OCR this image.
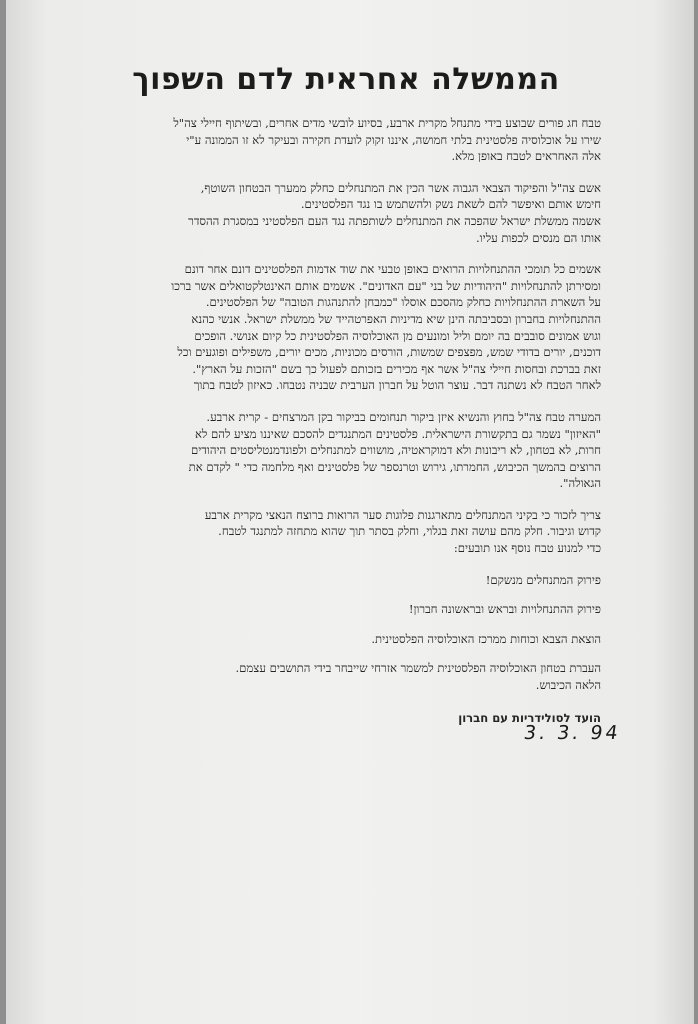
הממשלה אחראית לדם השפוך
טבח חג פורים שבוצע בידי מתנחל מקרית ארבע, בסיוע לובשי מדים אחרים, ובשיתוף חיילי צה"ל
שירו על אוכלוסיה פלסטינית בלתי חמושה, איננו זקוק לועדת חקירה ובעיקר לא זו הממונה ע"י
אלה האחראים לטבח באופן מלא.
אשם צה"ל והפיקוד הצבאי הגבוה אשר הכין את המתנחלים כחלק ממערך הבטחון השוטף,
חימש אותם ואיפשר להם לשאת נשק ולהשתמש בו נגד הפלסטינים.
אשמה ממשלת ישראל שהפכה את המתנחלים לשותפתה נגד העם הפלסטיני במסגרת ההסדר
אותו הם מנסים לכפות עליו.
אשמים כל תומכי ההתנחלויות הרואים באופן טבעי את שוד אדמות הפלסטינים דונם אחר דונם
ומסירתן להתנחלויות "היהודיות של בני "עם האדונים". אשמים אותם האינטלקטואלים אשר ברכו
על השארת ההתנחלויות כחלק מהסכם אוסלו "כמבחן להתנהגות הטובה" של הפלסטינים.
ההתנחלויות בחברון ובסביבתה הינן שיא מדיניות האפרטהייד של ממשלת ישראל. אנשי כהנא
וגוש אמונים סובבים בה יומם וליל ומונעים מן האוכלוסיה הפלסטינית כל קיום אנושי. הופכים
דוכנים, יורים בדודי שמש, מפצפים שמשות, הורסים מכוניות, מכים יורים, משפילים ופוגעים וכל
זאת בברכת ובחסות חיילי צה"ל אשר אף מכירים בזכותם לפעול כך בשם "הזכות על הארץ".
לאחר הטבח לא נשתנה דבר. עוצר הוטל על חברון הערבית שבניה נטבחו. כאיזון לטבח בתוך
המערה טבח צה"ל בחוץ והנשיא איזן ביקור תנחומים בביקור בקן המרצחים - קרית ארבע.
"האיזון" נשמר גם בתקשורת הישראלית. פלסטינים המתנגדים להסכם שאיננו מציע להם לא
חרות, לא בטחון, לא ריבונות ולא דמוקראטיה, מושווים למתנחלים ולפונדמנטליסטים היהודים
הרוצים בהמשך הכיבוש, החמרתו, גירוש וטרנספר של פלסטינים ואף מלחמה כדי " לקדם את
הגאולה".
צריך לזכור כי בקיני המתנחלים מתארגנות פלוגות סער הרואות ברוצח הנאצי מקרית ארבע
קדוש וגיבור. חלק מהם עושה זאת בגלוי, וחלק בסתר תוך שהוא מתחזה למתנגד לטבח.
כדי למנוע טבח נוסף אנו תובעים:
פירוק המתנחלים מנשקם!
פירוק ההתנחלויות ובראש ובראשונה חברון!
הוצאת הצבא וכוחות ממרכז האוכלוסיה הפלסטינית.
העברת בטחון האוכלוסיה הפלסטינית למשמר אזרחי שייבחר בידי התושבים עצמם.
הלאה הכיבוש.
הועד לסולידריות עם חברון
3. 3. 94
